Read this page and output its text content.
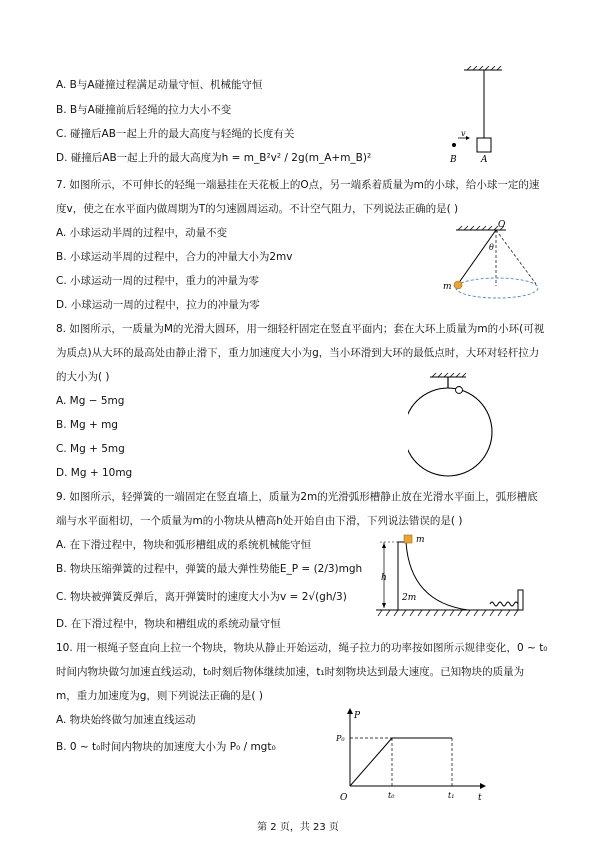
A. B与A碰撞过程满足动量守恒、机械能守恒
B. B与A碰撞前后轻绳的拉力大小不变
C. 碰撞后AB一起上升的最大高度与轻绳的长度有关
D. 碰撞后AB一起上升的最大高度为h = m_B²v² / 2g(m_A+m_B)²
v
B	A
7. 如图所示，不可伸长的轻绳一端悬挂在天花板上的O点，另一端系着质量为m的小球，给小球一定的速
度v，使之在水平面内做周期为T的匀速圆周运动。不计空气阻力，下列说法正确的是( )
A. 小球运动半周的过程中，动量不变
B. 小球运动半周的过程中，合力的冲量大小为2mv
C. 小球运动一周的过程中，重力的冲量为零
D. 小球运动一周的过程中，拉力的冲量为零
O
θ
m
8. 如图所示，一质量为M的光滑大圆环，用一细轻杆固定在竖直平面内；套在大环上质量为m的小环(可视
为质点)从大环的最高处由静止滑下，重力加速度大小为g，当小环滑到大环的最低点时，大环对轻杆拉力
的大小为( )
A. Mg − 5mg
B. Mg + mg
C. Mg + 5mg
D. Mg + 10mg
9. 如图所示，轻弹簧的一端固定在竖直墙上，质量为2m的光滑弧形槽静止放在光滑水平面上，弧形槽底
端与水平面相切，一个质量为m的小物块从槽高h处开始自由下滑，下列说法错误的是( )
A. 在下滑过程中，物块和弧形槽组成的系统机械能守恒
B. 物块压缩弹簧的过程中，弹簧的最大弹性势能E_P = (2/3)mgh
C. 物块被弹簧反弹后，离开弹簧时的速度大小为v = 2√(gh/3)
D. 在下滑过程中，物块和槽组成的系统动量守恒
m
h
2m
10. 用一根绳子竖直向上拉一个物块，物块从静止开始运动，绳子拉力的功率按如图所示规律变化，0 ~ t₀
时间内物块做匀加速直线运动，t₀时刻后物体继续加速，t₁时刻物块达到最大速度。已知物块的质量为
m，重力加速度为g，则下列说法正确的是( )
A. 物块始终做匀加速直线运动
B. 0 ~ t₀时间内物块的加速度大小为 P₀ / mgt₀
P
t
O
P₀
t₀	t₁
第 2 页，共 23 页
